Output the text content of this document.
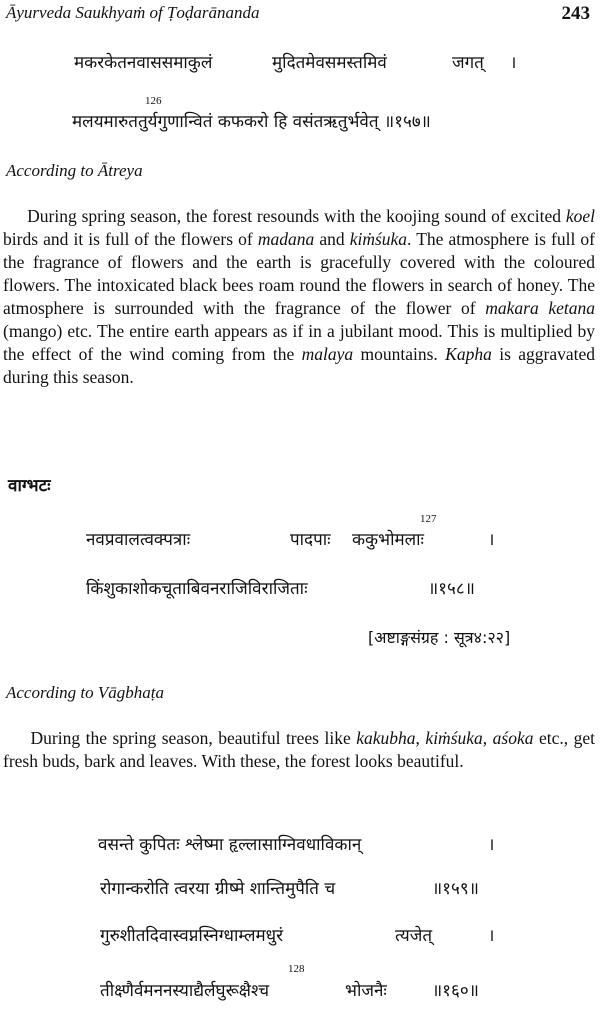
Āyurveda Saukhyaṁ of Ṭoḍarānanda	243
मकरकेतनवाससमाकुलं	मुदितमेवसमस्तमिवं	जगत् ।
126
मलयमारुततुर्यगुणान्वितं कफकरो हि वसंतऋतुर्भवेत् ॥१५७॥
According to Ātreya

During spring season, the forest resounds with the koojing sound of excited koel birds and it is full of the flowers of madana and kiṁśuka. The atmosphere is full of the fragrance of flowers and the earth is gracefully covered with the coloured flowers. The intoxicated black bees roam round the flowers in search of honey. The atmosphere is surrounded with the fragrance of the flower of makara ketana (mango) etc. The entire earth appears as if in a jubilant mood. This is multiplied by the effect of the wind coming from the malaya mountains. Kapha is aggravated during this season.

वाग्भटः
127
नवप्रवालत्वक्पत्राः	पादपाः ककुभोमलाः	।
किंशुकाशोकचूताबिवनराजिविराजिताः	॥१५८॥
[अष्टाङ्गसंग्रह : सूत्र४:२२]
According to Vāgbhaṭa

During the spring season, beautiful trees like kakubha, kiṁśuka, aśoka etc., get fresh buds, bark and leaves. With these, the forest looks beautiful.

वसन्ते कुपितः श्लेष्मा हृल्लासाग्निवधाविकान्	।
रोगान्करोति त्वरया ग्रीष्मे शान्तिमुपैति च	॥१५९॥
गुरुशीतदिवास्वप्नस्निग्धाम्लमधुरं	त्यजेत्	।
128
तीक्ष्णैर्वमननस्याद्यैर्लघुरूक्षैश्च	भोजनैः	॥१६०॥
